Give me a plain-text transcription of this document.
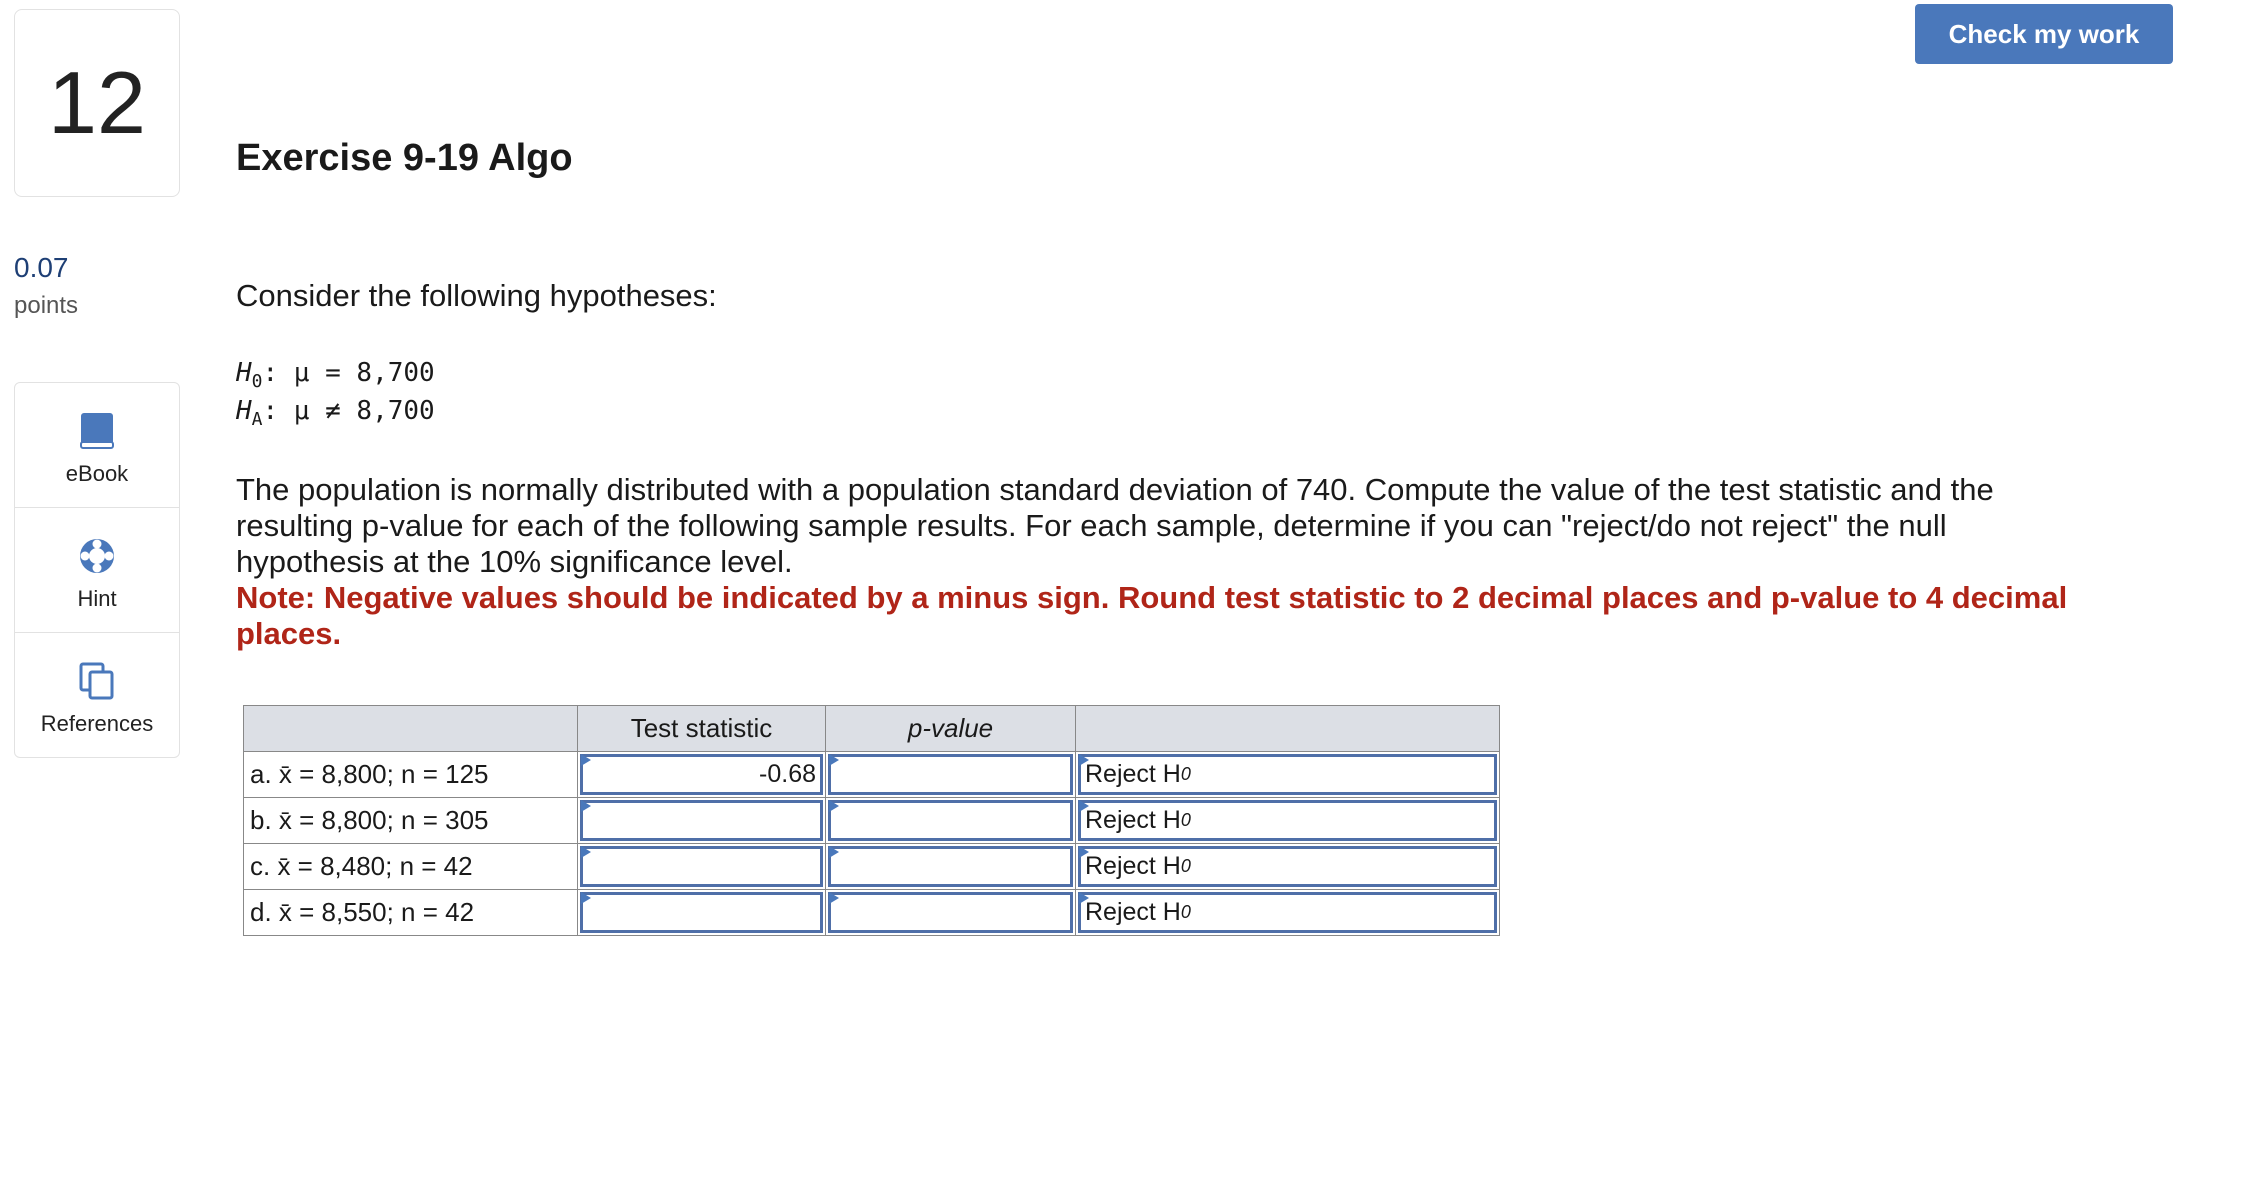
12
0.07
points
eBook
Hint
References
Check my work
Exercise 9-19 Algo
Consider the following hypotheses:
$H_0$: μ = 8,700
$H_A$: μ ≠ 8,700
The population is normally distributed with a population standard deviation of 740. Compute the value of the test statistic and the resulting p-value for each of the following sample results. For each sample, determine if you can "reject/do not reject" the null hypothesis at the 10% significance level.
Note: Negative values should be indicated by a minus sign. Round test statistic to 2 decimal places and p-value to 4 decimal places.
	Test statistic	p-value	
a. x̄ = 8,800; n = 125	-0.68		Reject H 0

b. x̄ = 8,800; n = 305			Reject H 0

c. x̄ = 8,480; n = 42			Reject H 0

d. x̄ = 8,550; n = 42			Reject H 0
